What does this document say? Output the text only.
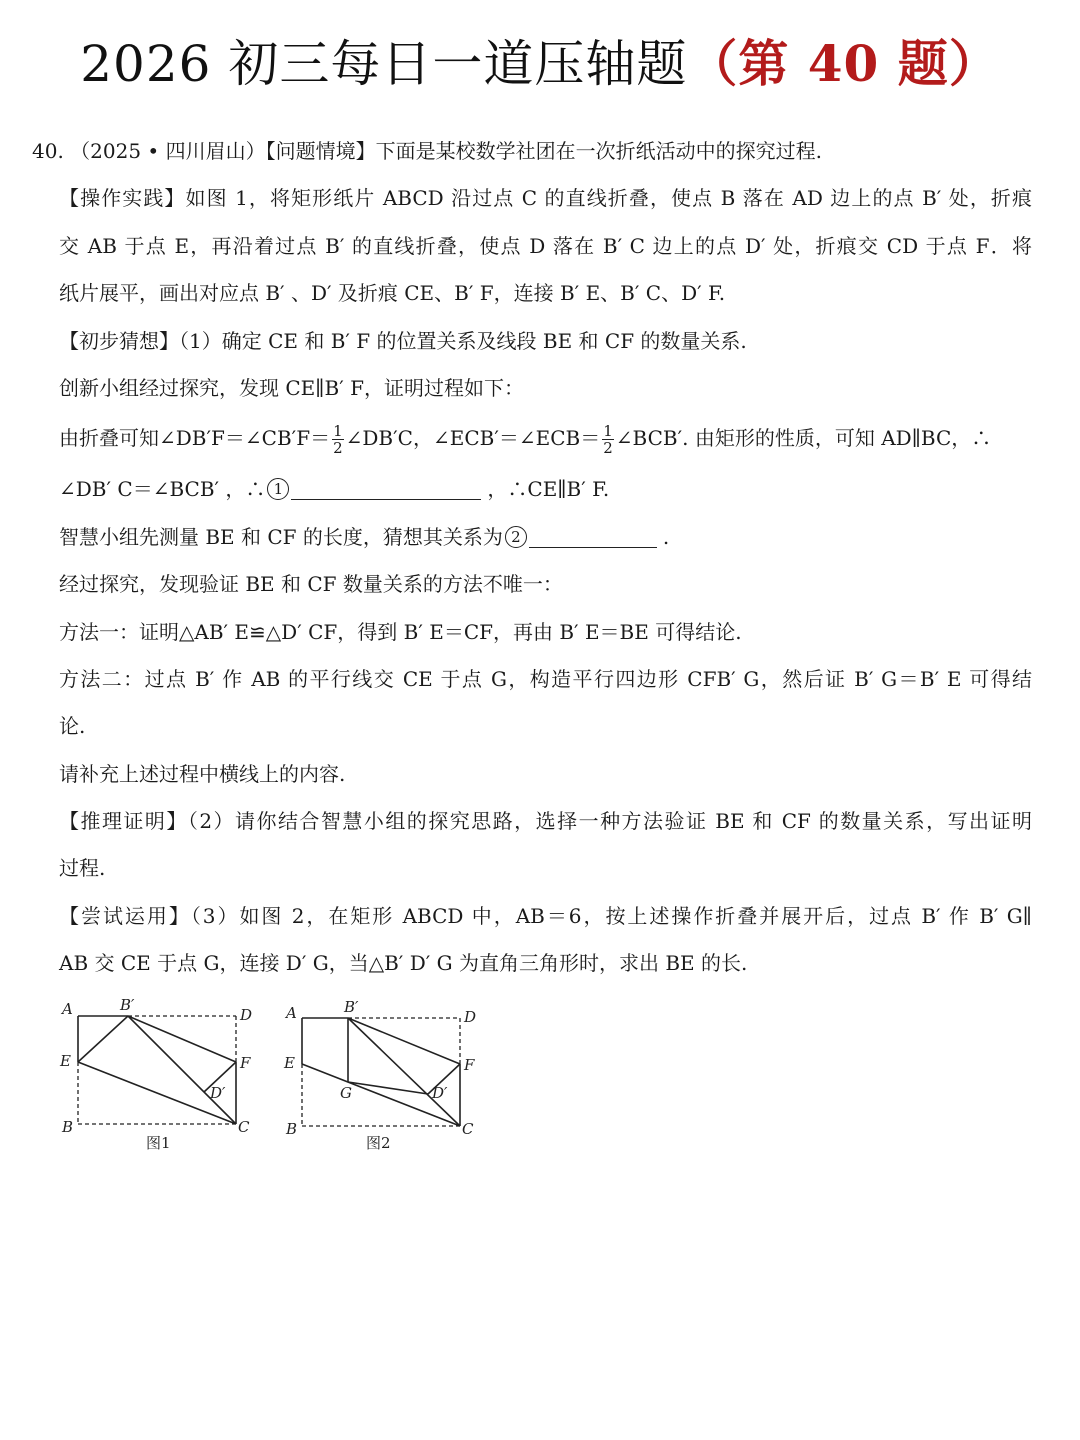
2026 初三每日一道压轴题（第 40 题）
40. （2025 • 四川眉山）【问题情境】下面是某校数学社团在一次折纸活动中的探究过程.
【操作实践】如图 1，将矩形纸片 ABCD 沿过点 C 的直线折叠，使点 B 落在 AD 边上的点 B′ 处，折痕
交 AB 于点 E，再沿着过点 B′ 的直线折叠，使点 D 落在 B′ C 边上的点 D′ 处，折痕交 CD 于点 F．将
纸片展平，画出对应点 B′ 、D′ 及折痕 CE、B′ F，连接 B′ E、B′ C、D′ F.
【初步猜想】（1）确定 CE 和 B′ F 的位置关系及线段 BE 和 CF 的数量关系.
创新小组经过探究，发现 CE∥B′ F，证明过程如下：
由折叠可知∠DB′F＝∠CB′F＝ $\frac{1}{2}$ ∠DB′C，∠ECB′＝∠ECB＝ $\frac{1}{2}$ ∠BCB′. 由矩形的性质，可知 AD∥BC，∴
∠DB′ C＝∠BCB′ ，∴ 1	，∴CE∥B′ F.
智慧小组先测量 BE 和 CF 的长度，猜想其关系为 2	.
经过探究，发现验证 BE 和 CF 数量关系的方法不唯一：
方法一：证明△AB′ E≌△D′ CF，得到 B′ E＝CF，再由 B′ E＝BE 可得结论.
方法二：过点 B′ 作 AB 的平行线交 CE 于点 G，构造平行四边形 CFB′ G，然后证 B′ G＝B′ E 可得结
论.
请补充上述过程中横线上的内容.
【推理证明】（2）请你结合智慧小组的探究思路，选择一种方法验证 BE 和 CF 的数量关系，写出证明
过程.
【尝试运用】（3）如图 2，在矩形 ABCD 中，AB＝6，按上述操作折叠并展开后，过点 B′ 作 B′ G∥
AB 交 CE 于点 G，连接 D′ G，当△B′ D′ G 为直角三角形时，求出 BE 的长.
A	B′
D
E	F
D′
B	C
图1
A	B′
D
E	F
G	D′
B	C
图2
